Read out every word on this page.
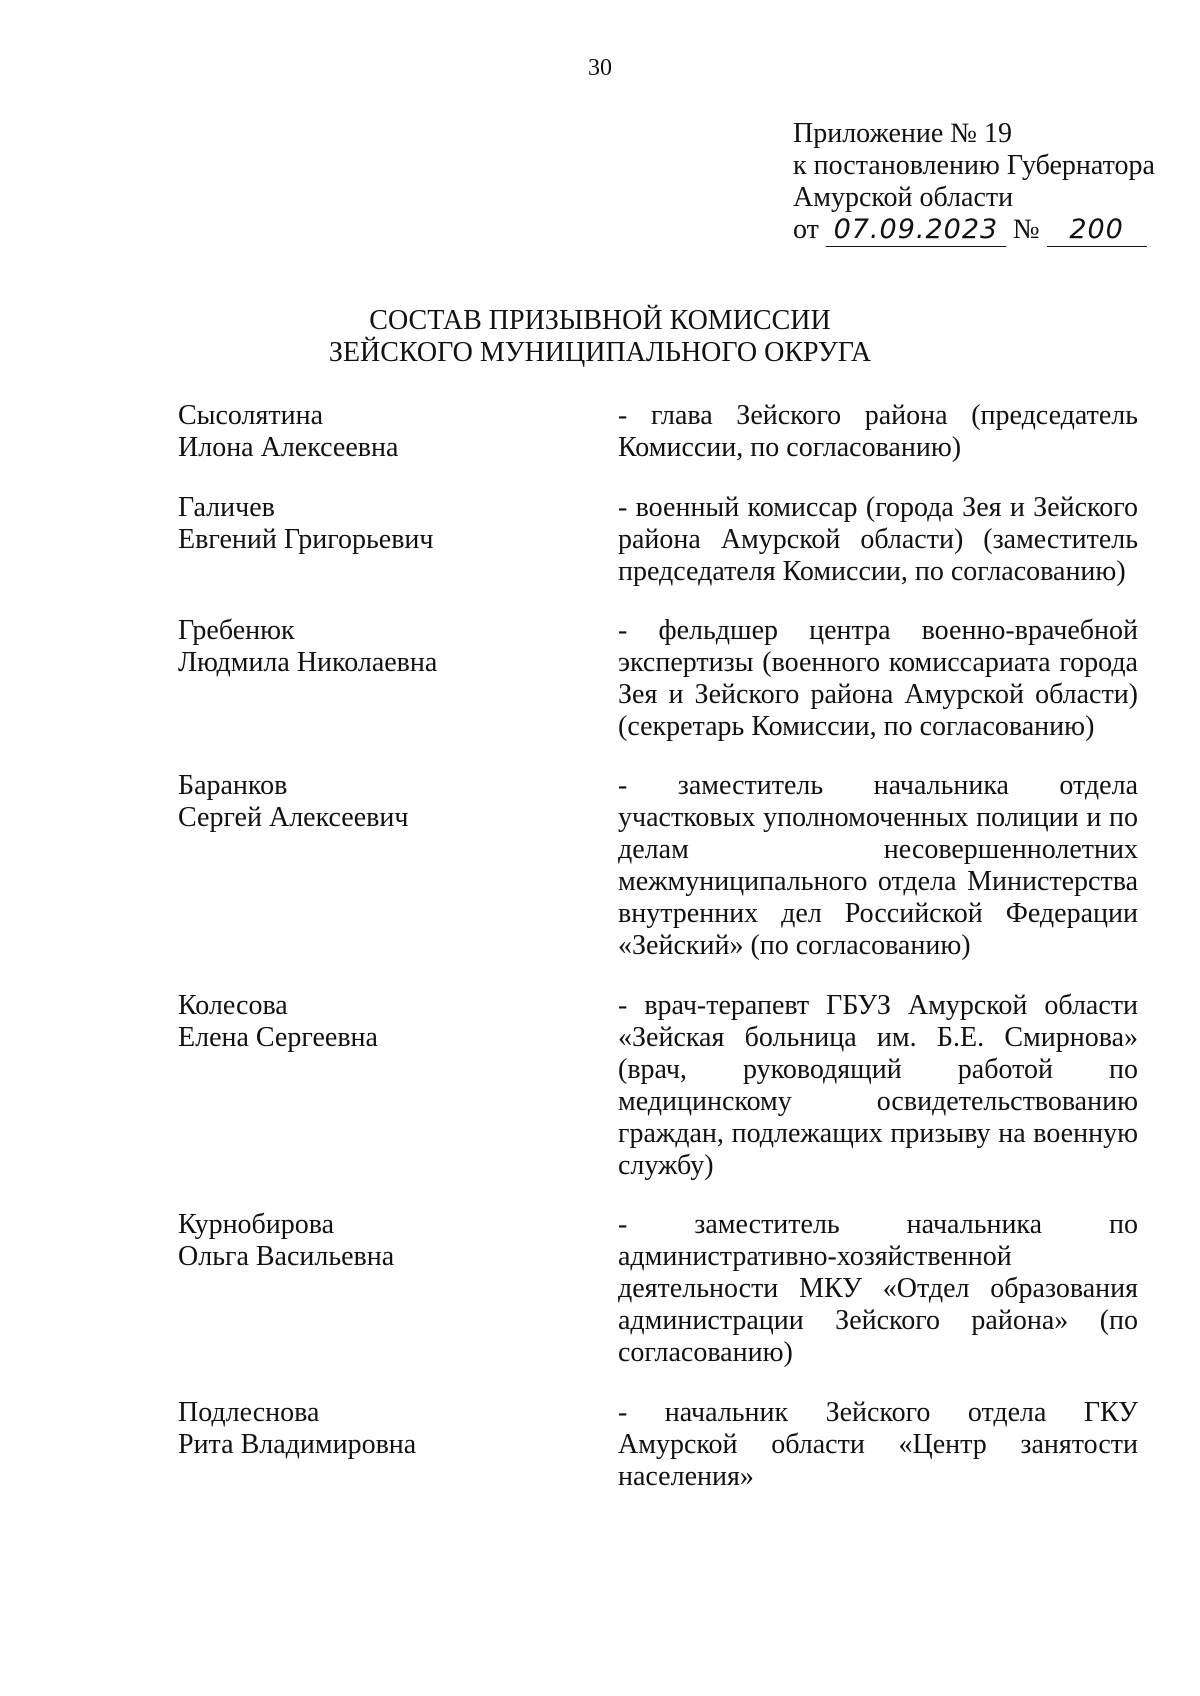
30
Приложение № 19
к постановлению Губернатора
Амурской области
от 07.09.2023 № 200
СОСТАВ ПРИЗЫВНОЙ КОМИССИИ
ЗЕЙСКОГО МУНИЦИПАЛЬНОГО ОКРУГА
Сысолятина
Илона Алексеевна
- глава Зейского района (председатель Комиссии, по согласованию)
Галичев
Евгений Григорьевич
- военный комиссар (города Зея и Зейского района Амурской области) (заместитель председателя Комиссии, по согласованию)
Гребенюк
Людмила Николаевна
- фельдшер центра военно-врачебной экспертизы (военного комиссариата города Зея и Зейского района Амурской области) (секретарь Комиссии, по согласованию)
Баранков
Сергей Алексеевич
- заместитель начальника отдела участковых уполномоченных полиции и по делам несовершеннолетних межмуниципального отдела Министерства внутренних дел Российской Федерации «Зейский» (по согласованию)
Колесова
Елена Сергеевна
- врач-терапевт ГБУЗ Амурской области «Зейская больница им. Б.Е. Смирнова» (врач, руководящий работой по медицинскому освидетельствованию граждан, подлежащих призыву на военную службу)
Курнобирова
Ольга Васильевна
- заместитель начальника по административно-хозяйственной деятельности МКУ «Отдел образования администрации Зейского района» (по согласованию)
Подлеснова
Рита Владимировна
- начальник Зейского отдела ГКУ Амурской области «Центр занятости населения»
